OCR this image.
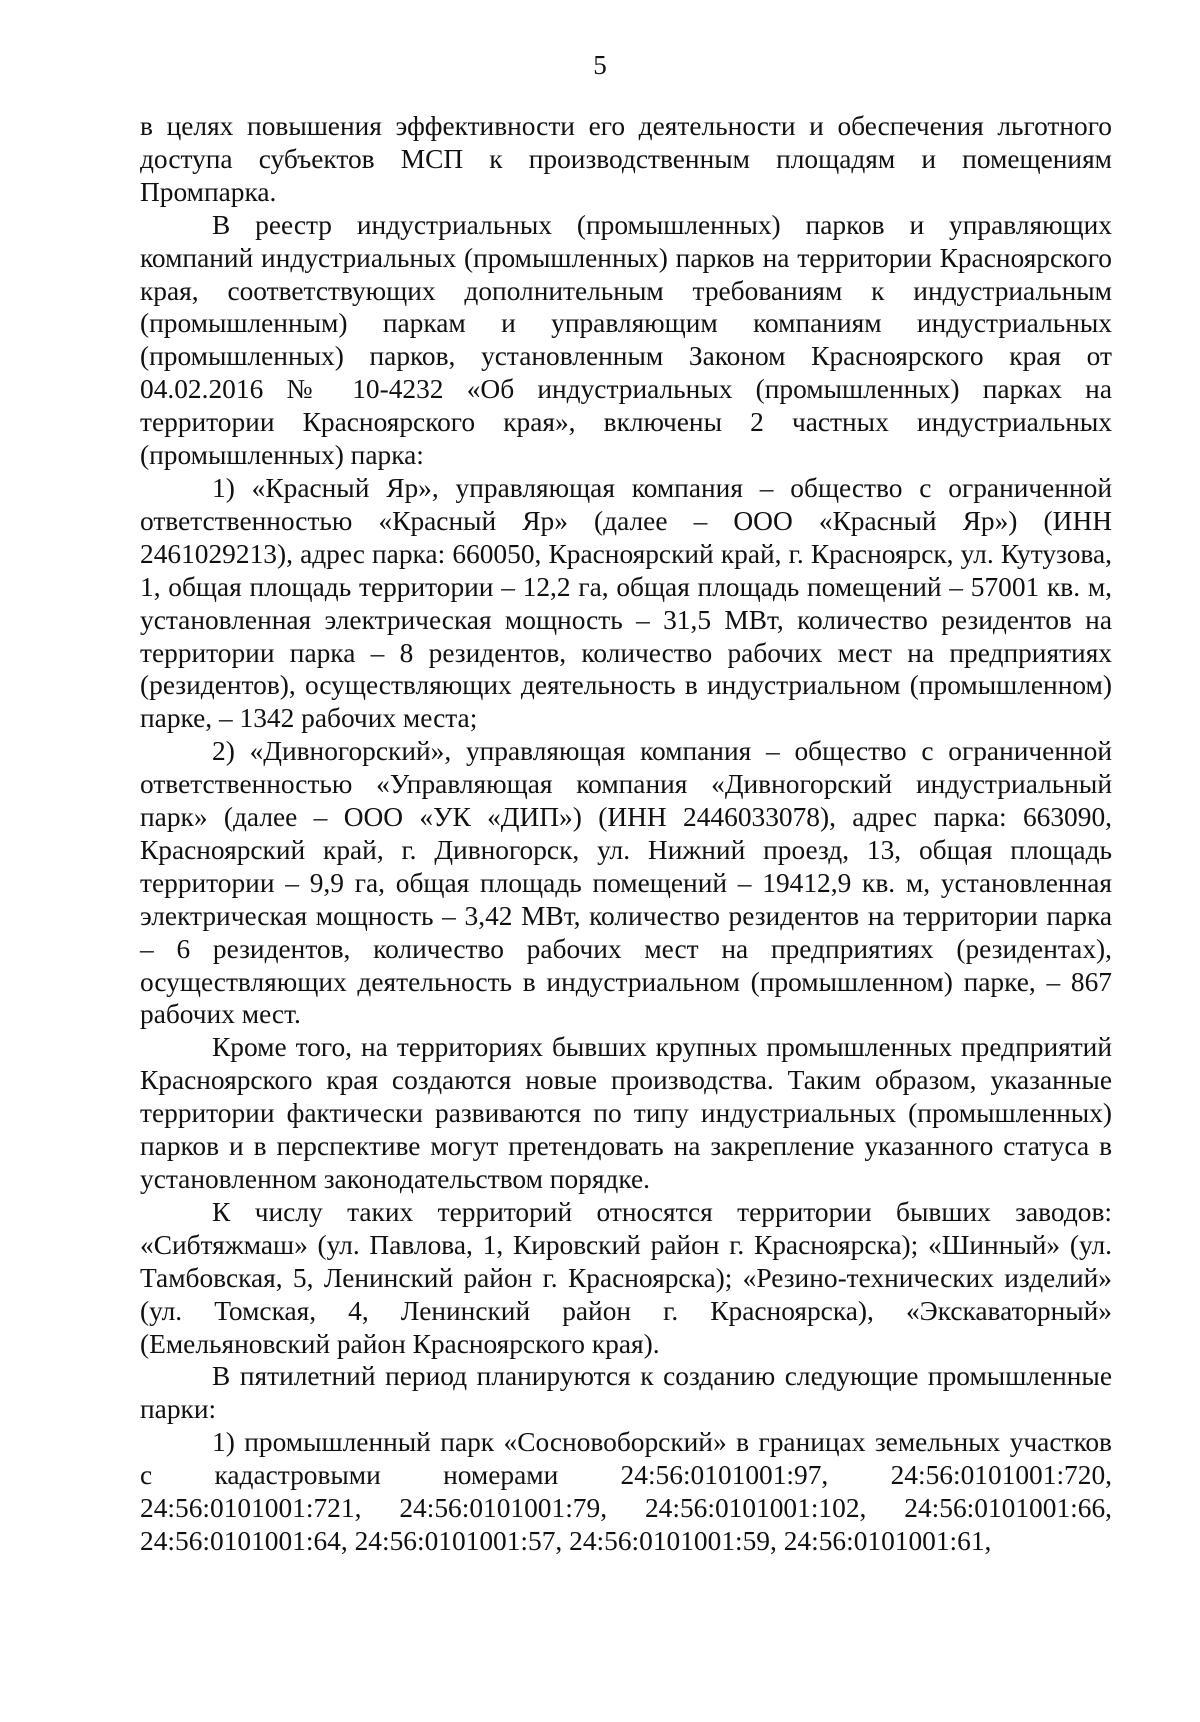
5

в целях повышения эффективности его деятельности и обеспечения льготного доступа субъектов МСП к производственным площадям и помещениям Промпарка.

В реестр индустриальных (промышленных) парков и управляющих компаний индустриальных (промышленных) парков на территории Красноярского края, соответствующих дополнительным требованиям к индустриальным (промышленным) паркам и управляющим компаниям индустриальных (промышленных) парков, установленным Законом Красноярского края от 04.02.2016 № 10-4232 «Об индустриальных (промышленных) парках на территории Красноярского края», включены 2 частных индустриальных (промышленных) парка:

1) «Красный Яр», управляющая компания – общество с ограниченной ответственностью «Красный Яр» (далее – ООО «Красный Яр») (ИНН 2461029213), адрес парка: 660050, Красноярский край, г. Красноярск, ул. Кутузова, 1, общая площадь территории – 12,2 га, общая площадь помещений – 57001 кв. м, установленная электрическая мощность – 31,5 МВт, количество резидентов на территории парка – 8 резидентов, количество рабочих мест на предприятиях (резидентов), осуществляющих деятельность в индустриальном (промышленном) парке, – 1342 рабочих места;

2) «Дивногорский», управляющая компания – общество с ограниченной ответственностью «Управляющая компания «Дивногорский индустриальный парк» (далее – ООО «УК «ДИП») (ИНН 2446033078), адрес парка: 663090, Красноярский край, г. Дивногорск, ул. Нижний проезд, 13, общая площадь территории – 9,9 га, общая площадь помещений – 19412,9 кв. м, установленная электрическая мощность – 3,42 МВт, количество резидентов на территории парка – 6 резидентов, количество рабочих мест на предприятиях (резидентах), осуществляющих деятельность в индустриальном (промышленном) парке, – 867 рабочих мест.

Кроме того, на территориях бывших крупных промышленных предприятий Красноярского края создаются новые производства. Таким образом, указанные территории фактически развиваются по типу индустриальных (промышленных) парков и в перспективе могут претендовать на закрепление указанного статуса в установленном законодательством порядке.

К числу таких территорий относятся территории бывших заводов: «Сибтяжмаш» (ул. Павлова, 1, Кировский район г. Красноярска); «Шинный» (ул. Тамбовская, 5, Ленинский район г. Красноярска); «Резино-технических изделий» (ул. Томская, 4, Ленинский район г. Красноярска), «Экскаваторный» (Емельяновский район Красноярского края).

В пятилетний период планируются к созданию следующие промышленные парки:

1) промышленный парк «Сосновоборский» в границах земельных участков с кадастровыми номерами 24:56:0101001:97, 24:56:0101001:720, 24:56:0101001:721, 24:56:0101001:79, 24:56:0101001:102, 24:56:0101001:66, 24:56:0101001:64, 24:56:0101001:57, 24:56:0101001:59, 24:56:0101001:61,
